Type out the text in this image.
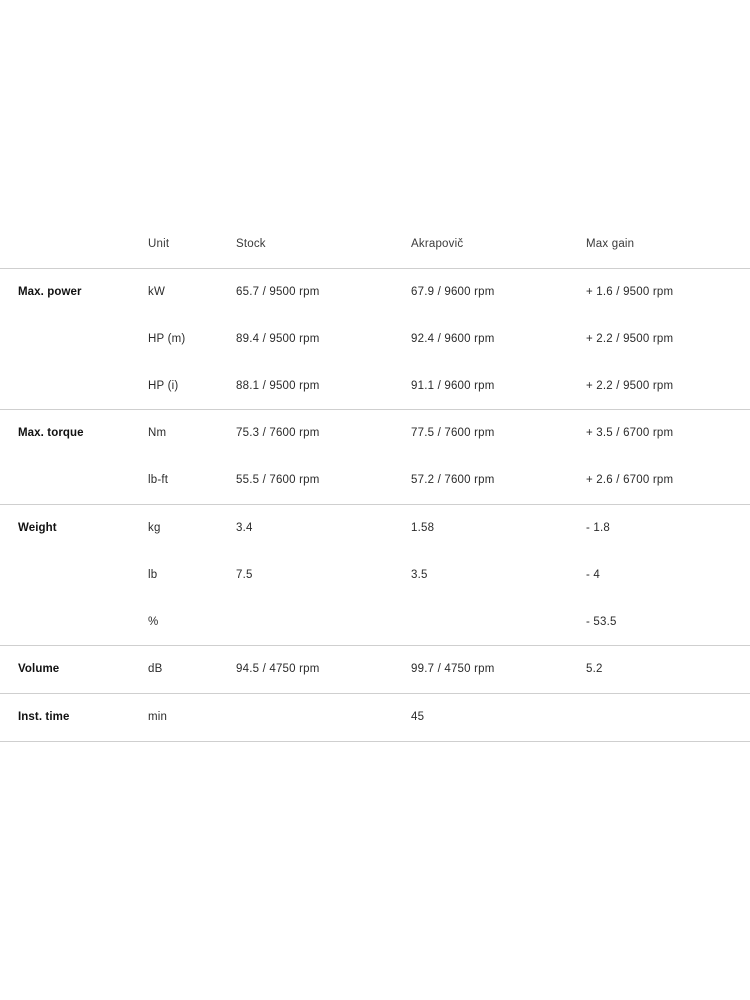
	Unit	Stock	Akrapovič	Max gain
Max. power	kW	65.7 / 9500 rpm	67.9 / 9600 rpm	+ 1.6 / 9500 rpm
	HP (m)	89.4 / 9500 rpm	92.4 / 9600 rpm	+ 2.2 / 9500 rpm
	HP (i)	88.1 / 9500 rpm	91.1 / 9600 rpm	+ 2.2 / 9500 rpm
Max. torque	Nm	75.3 / 7600 rpm	77.5 / 7600 rpm	+ 3.5 / 6700 rpm
	lb-ft	55.5 / 7600 rpm	57.2 / 7600 rpm	+ 2.6 / 6700 rpm
Weight	kg	3.4	1.58	- 1.8
	lb	7.5	3.5	- 4
	%			- 53.5
Volume	dB	94.5 / 4750 rpm	99.7 / 4750 rpm	5.2
Inst. time	min		45	
